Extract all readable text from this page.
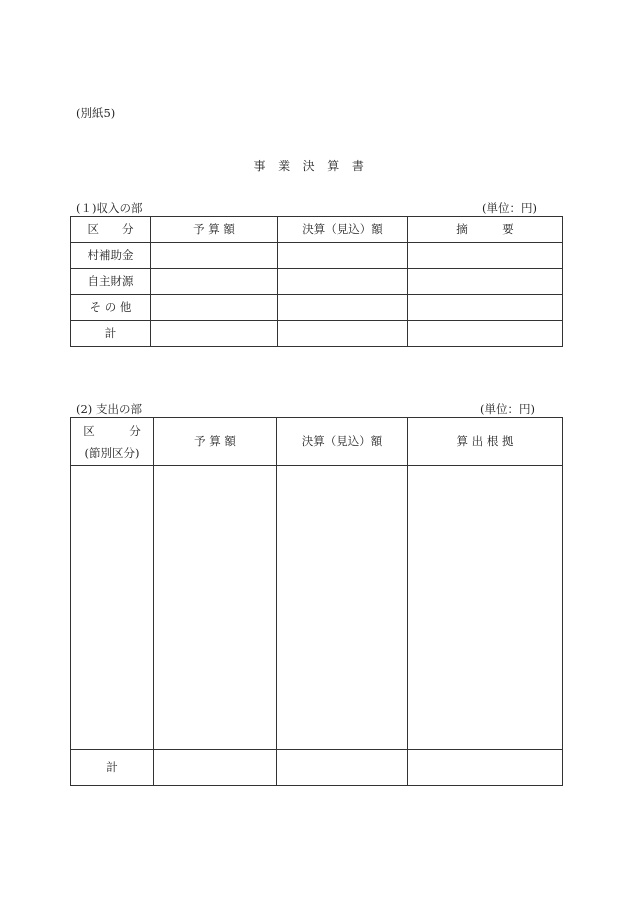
(別紙5)
事業決算書
(１)収入の部	(単位：円)
区　　分	予 算 額	決算（見込）額	摘　　　要
村補助金			
自主財源			
そ の 他			
計			
(2) 支出の部	(単位：円)
区　　　分
(節別区分)	予 算 額	決算（見込）額	算 出 根 拠

計			
